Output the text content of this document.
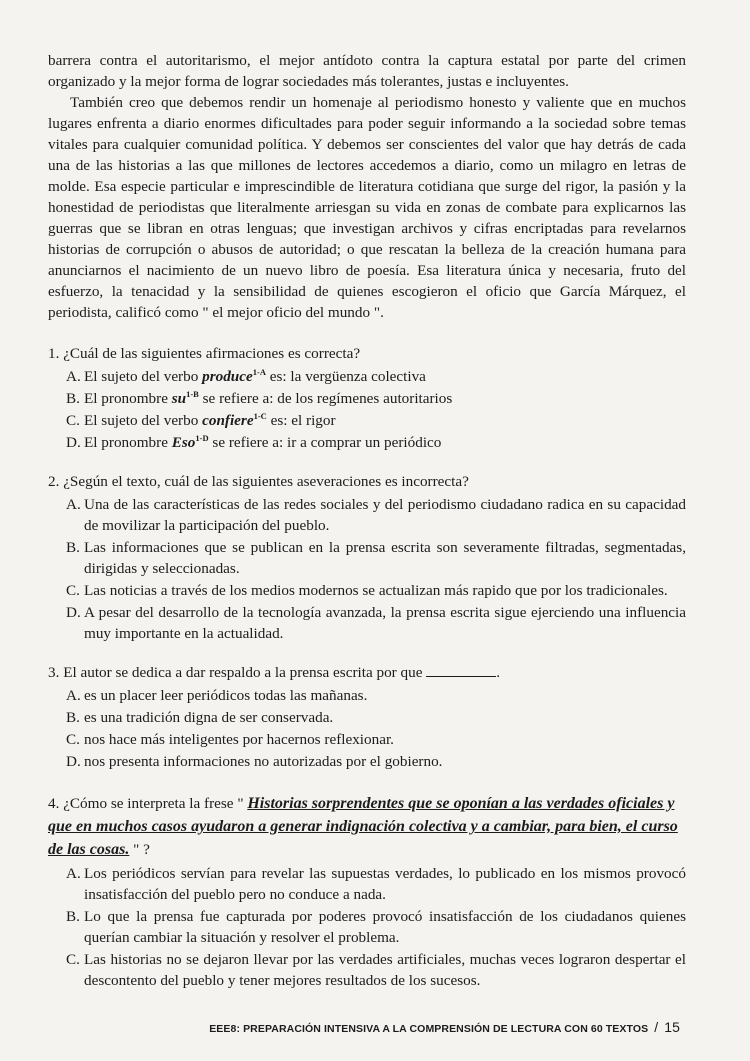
barrera contra el autoritarismo, el mejor antídoto contra la captura estatal por parte del crimen organizado y la mejor forma de lograr sociedades más tolerantes, justas e incluyentes.

También creo que debemos rendir un homenaje al periodismo honesto y valiente que en muchos lugares enfrenta a diario enormes dificultades para poder seguir informando a la sociedad sobre temas vitales para cualquier comunidad política. Y debemos ser conscientes del valor que hay detrás de cada una de las historias a las que millones de lectores accedemos a diario, como un milagro en letras de molde. Esa especie particular e imprescindible de literatura cotidiana que surge del rigor, la pasión y la honestidad de periodistas que literalmente arriesgan su vida en zonas de combate para explicarnos las guerras que se libran en otras lenguas; que investigan archivos y cifras encriptadas para revelarnos historias de corrupción o abusos de autoridad; o que rescatan la belleza de la creación humana para anunciarnos el nacimiento de un nuevo libro de poesía. Esa literatura única y necesaria, fruto del esfuerzo, la tenacidad y la sensibilidad de quienes escogieron el oficio que García Márquez, el periodista, calificó como " el mejor oficio del mundo ".

1. ¿Cuál de las siguientes afirmaciones es correcta?

A. El sujeto del verbo produce$^{1-A}$ es: la vergüenza colectiva
B. El pronombre $su^{1-B}$ se refiere a: de los regímenes autoritarios
C. El sujeto del verbo confiere$^{1-C}$ es: el rigor
D. El pronombre Eso$^{1-D}$ se refiere a: ir a comprar un periódico

2. ¿Según el texto, cuál de las siguientes aseveraciones es incorrecta?

A. Una de las características de las redes sociales y del periodismo ciudadano radica en su capacidad de movilizar la participación del pueblo.
B. Las informaciones que se publican en la prensa escrita son severamente filtradas, segmentadas, dirigidas y seleccionadas.
C. Las noticias a través de los medios modernos se actualizan más rapido que por los tradicionales.
D. A pesar del desarrollo de la tecnología avanzada, la prensa escrita sigue ejerciendo una influencia muy importante en la actualidad.

3. El autor se dedica a dar respaldo a la prensa escrita por que	.

A. es un placer leer periódicos todas las mañanas.
B. es una tradición digna de ser conservada.
C. nos hace más inteligentes por hacernos reflexionar.
D. nos presenta informaciones no autorizadas por el gobierno.

4. ¿Cómo se interpreta la frese " Historias sorprendentes que se oponían a las verdades oficiales y que en muchos casos ayudaron a generar indignación colectiva y a cambiar, para bien, el curso de las cosas. " ?

A. Los periódicos servían para revelar las supuestas verdades, lo publicado en los mismos provocó insatisfacción del pueblo pero no conduce a nada.
B. Lo que la prensa fue capturada por poderes provocó insatisfacción de los ciudadanos quienes querían cambiar la situación y resolver el problema.
C. Las historias no se dejaron llevar por las verdades artificiales, muchas veces lograron despertar el descontento del pueblo y tener mejores resultados de los sucesos.
EEE8: PREPARACIÓN INTENSIVA A LA COMPRENSIÓN DE LECTURA CON 60 TEXTOS / 15
